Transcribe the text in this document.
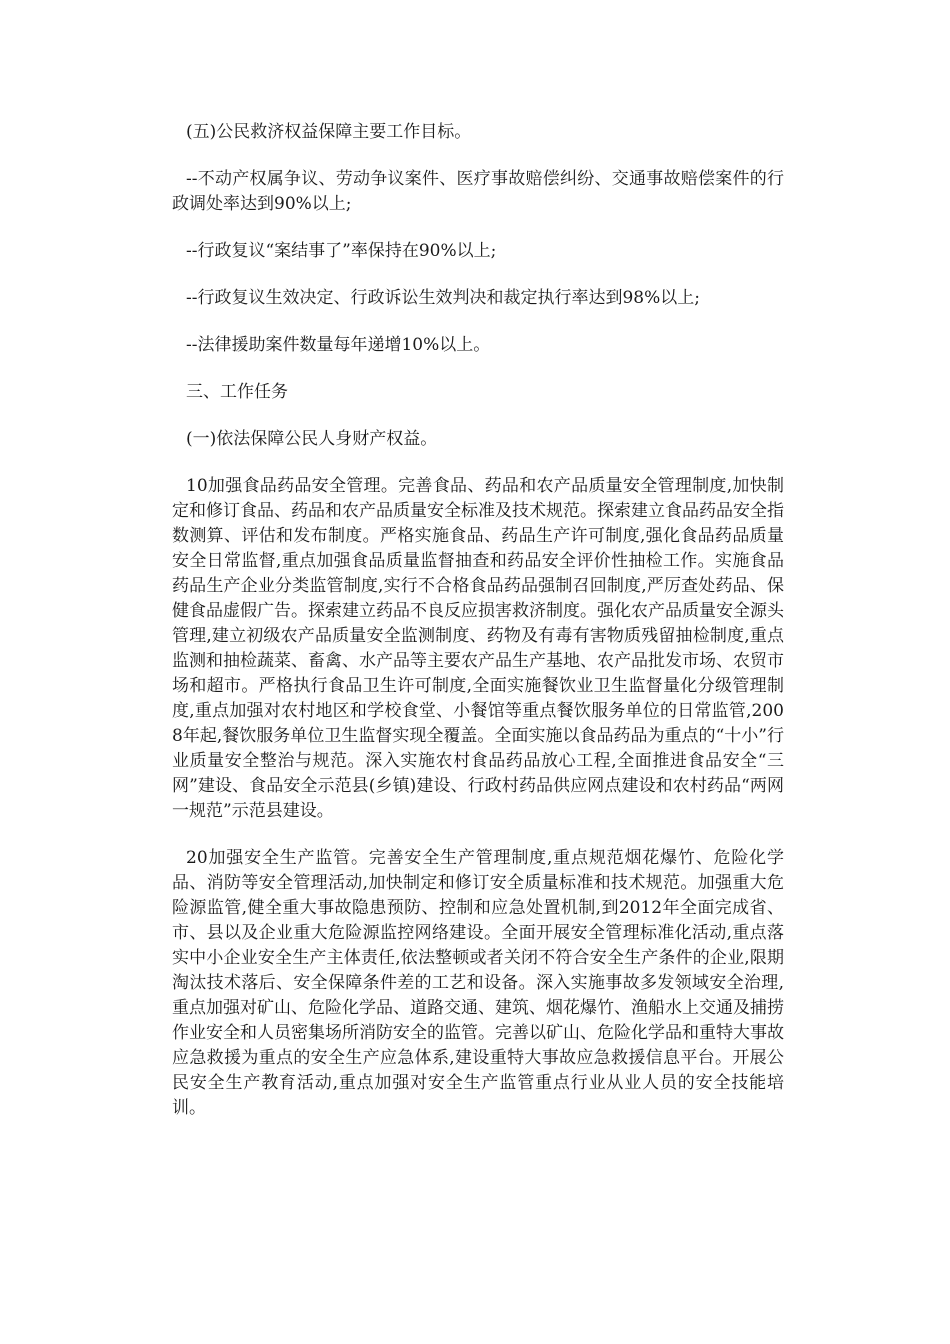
(五)公民救济权益保障主要工作目标。

--不动产权属争议、劳动争议案件、医疗事故赔偿纠纷、交通事故赔偿案件的行政调处率达到90%以上;

--行政复议“案结事了”率保持在90%以上;

--行政复议生效决定、行政诉讼生效判决和裁定执行率达到98%以上;

--法律援助案件数量每年递增10%以上。

三、工作任务

(一)依法保障公民人身财产权益。

10加强食品药品安全管理。完善食品、药品和农产品质量安全管理制度,加快制定和修订食品、药品和农产品质量安全标准及技术规范。探索建立食品药品安全指数测算、评估和发布制度。严格实施食品、药品生产许可制度,强化食品药品质量安全日常监督,重点加强食品质量监督抽查和药品安全评价性抽检工作。实施食品药品生产企业分类监管制度,实行不合格食品药品强制召回制度,严厉查处药品、保健食品虚假广告。探索建立药品不良反应损害救济制度。强化农产品质量安全源头管理,建立初级农产品质量安全监测制度、药物及有毒有害物质残留抽检制度,重点监测和抽检蔬菜、畜禽、水产品等主要农产品生产基地、农产品批发市场、农贸市场和超市。严格执行食品卫生许可制度,全面实施餐饮业卫生监督量化分级管理制度,重点加强对农村地区和学校食堂、小餐馆等重点餐饮服务单位的日常监管,2008年起,餐饮服务单位卫生监督实现全覆盖。全面实施以食品药品为重点的“十小”行业质量安全整治与规范。深入实施农村食品药品放心工程,全面推进食品安全“三网”建设、食品安全示范县(乡镇)建设、行政村药品供应网点建设和农村药品“两网一规范”示范县建设。

20加强安全生产监管。完善安全生产管理制度,重点规范烟花爆竹、危险化学品、消防等安全管理活动,加快制定和修订安全质量标准和技术规范。加强重大危险源监管,健全重大事故隐患预防、控制和应急处置机制,到2012年全面完成省、市、县以及企业重大危险源监控网络建设。全面开展安全管理标准化活动,重点落实中小企业安全生产主体责任,依法整顿或者关闭不符合安全生产条件的企业,限期淘汰技术落后、安全保障条件差的工艺和设备。深入实施事故多发领域安全治理,重点加强对矿山、危险化学品、道路交通、建筑、烟花爆竹、渔船水上交通及捕捞作业安全和人员密集场所消防安全的监管。完善以矿山、危险化学品和重特大事故应急救援为重点的安全生产应急体系,建设重特大事故应急救援信息平台。开展公民安全生产教育活动,重点加强对安全生产监管重点行业从业人员的安全技能培训。
